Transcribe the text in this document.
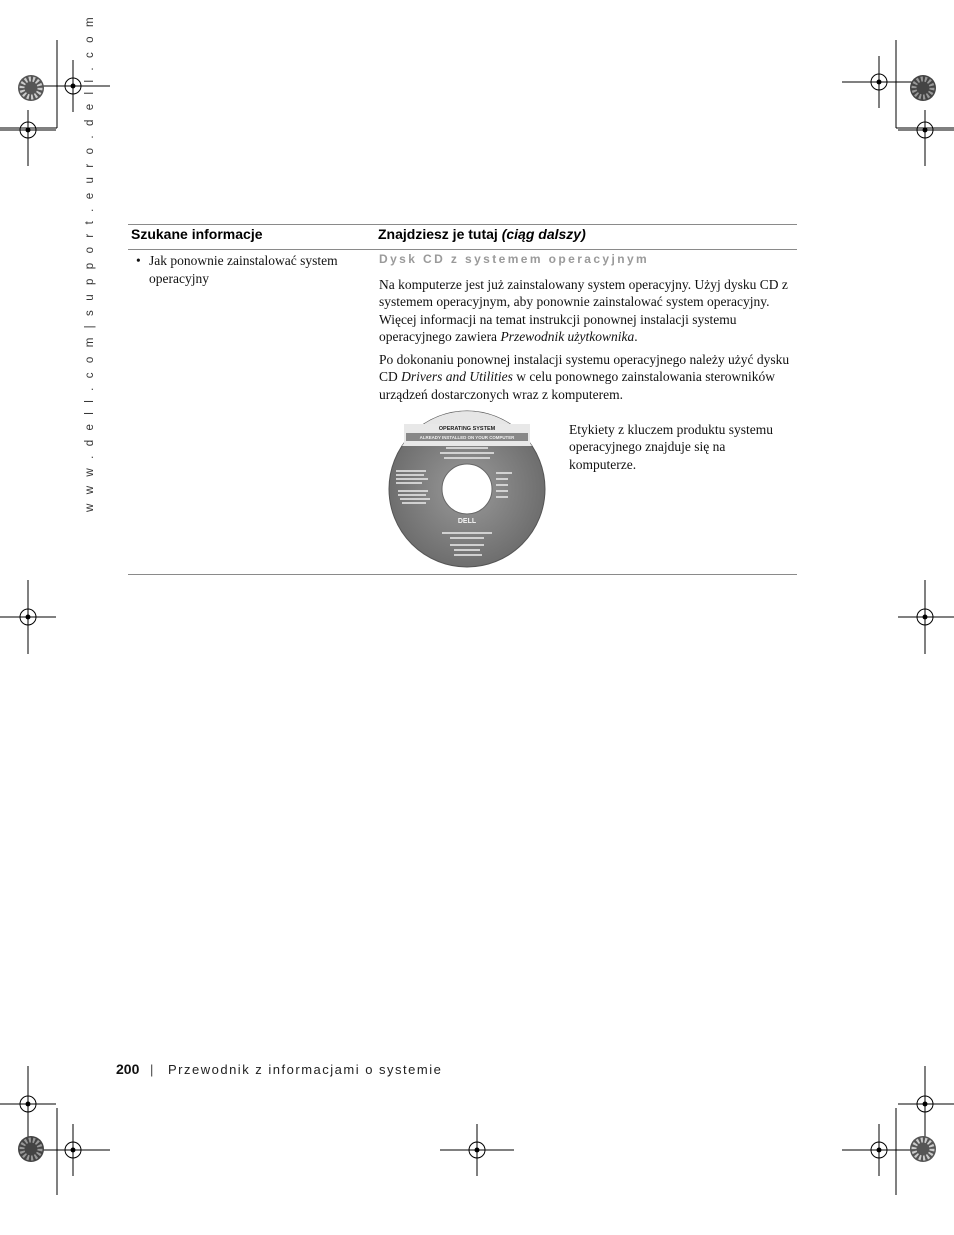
w w w . d e l l . c o m | s u p p o r t . e u r o . d e l l . c o m	Szukane informacje	Znajdziesz je tutaj (ciąg dalszy)
• Jak ponownie zainstalować system operacyjny
Dysk CD z systemem operacyjnym

Na komputerze jest już zainstalowany system operacyjny. Użyj dysku CD z systemem operacyjnym, aby ponownie zainstalować system operacyjny. Więcej informacji na temat instrukcji ponownej instalacji systemu operacyjnego zawiera Przewodnik użytkownika.

Po dokonaniu ponownej instalacji systemu operacyjnego należy użyć dysku CD Drivers and Utilities w celu ponownego zainstalowania sterowników urządzeń dostarczonych wraz z komputerem.

OPERATING SYSTEM
ALREADY INSTALLED ON YOUR COMPUTER
DELL

Etykiety z kluczem produktu systemu operacyjnego znajduje się na komputerze.

200 | Przewodnik z informacjami o systemie
